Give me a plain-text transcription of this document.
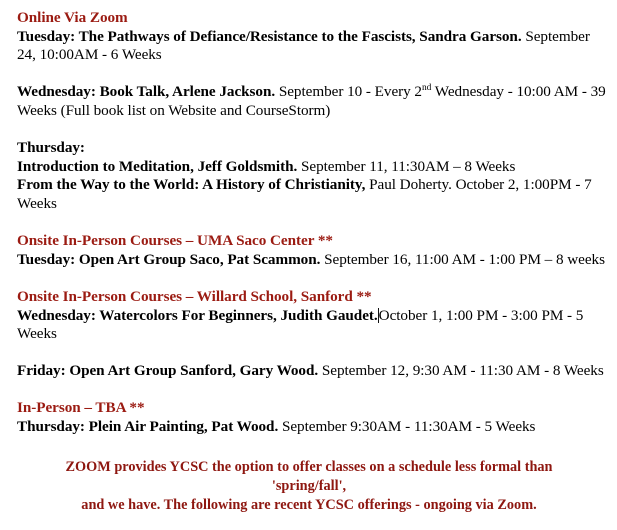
Online Via Zoom
Tuesday: The Pathways of Defiance/Resistance to the Fascists, Sandra Garson. September 24, 10:00AM - 6 Weeks

Wednesday: Book Talk, Arlene Jackson. September 10 - Every 2nd Wednesday - 10:00 AM - 39 Weeks (Full book list on Website and CourseStorm)

Thursday:
Introduction to Meditation, Jeff Goldsmith. September 11, 11:30AM – 8 Weeks
From the Way to the World: A History of Christianity, Paul Doherty. October 2, 1:00PM - 7 Weeks

Onsite In-Person Courses – UMA Saco Center **
Tuesday: Open Art Group Saco, Pat Scammon. September 16, 11:00 AM - 1:00 PM – 8 weeks

Onsite In-Person Courses – Willard School, Sanford **
Wednesday: Watercolors For Beginners, Judith Gaudet.October 1, 1:00 PM - 3:00 PM - 5 Weeks

Friday: Open Art Group Sanford, Gary Wood. September 12, 9:30 AM - 11:30 AM - 8 Weeks

In-Person – TBA **
Thursday: Plein Air Painting, Pat Wood. September 9:30AM - 11:30AM - 5 Weeks
ZOOM provides YCSC the option to offer classes on a schedule less formal than 'spring/fall',
and we have. The following are recent YCSC offerings - ongoing via Zoom.
